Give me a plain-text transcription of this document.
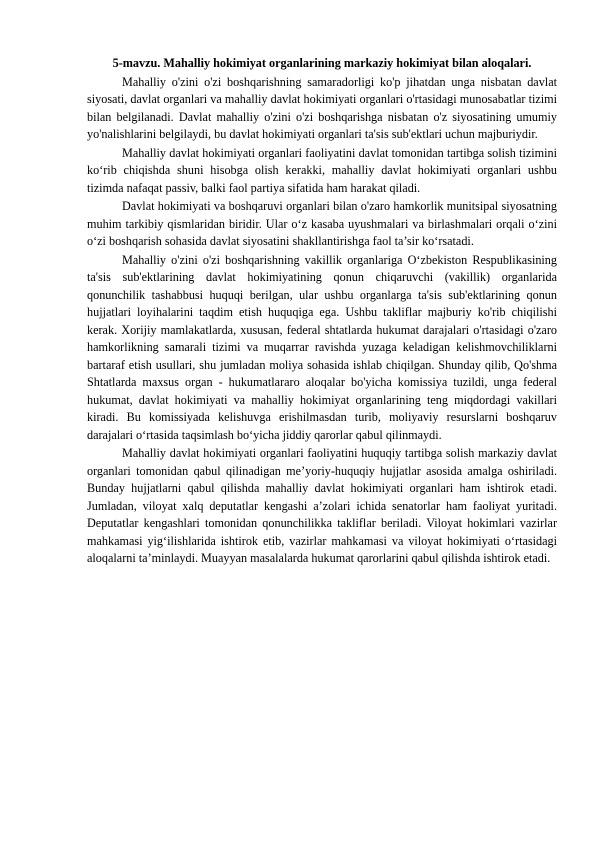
5-mavzu. Mahalliy hokimiyat organlarining markaziy hokimiyat bilan aloqalari.

Mahalliy o'zini o'zi boshqarishning samaradorligi ko'p jihatdan unga nisbatan davlat siyosati, davlat organlari va mahalliy davlat hokimiyati organlari o'rtasidagi munosabatlar tizimi bilan belgilanadi. Davlat mahalliy o'zini o'zi boshqarishga nisbatan o'z siyosatining umumiy yo'nalishlarini belgilaydi, bu davlat hokimiyati organlari ta'sis sub'ektlari uchun majburiydir.

Mahalliy davlat hokimiyati organlari faoliyatini davlat tomonidan tartibga solish tizimini ko‘rib chiqishda shuni hisobga olish kerakki, mahalliy davlat hokimiyati organlari ushbu tizimda nafaqat passiv, balki faol partiya sifatida ham harakat qiladi.

Davlat hokimiyati va boshqaruvi organlari bilan o'zaro hamkorlik munitsipal siyosatning muhim tarkibiy qismlaridan biridir. Ular o‘z kasaba uyushmalari va birlashmalari orqali o‘zini o‘zi boshqarish sohasida davlat siyosatini shakllantirishga faol ta’sir ko‘rsatadi.

Mahalliy o'zini o'zi boshqarishning vakillik organlariga O‘zbekiston Respublikasining ta'sis sub'ektlarining davlat hokimiyatining qonun chiqaruvchi (vakillik) organlarida qonunchilik tashabbusi huquqi berilgan, ular ushbu organlarga ta'sis sub'ektlarining qonun hujjatlari loyihalarini taqdim etish huquqiga ega. Ushbu takliflar majburiy ko'rib chiqilishi kerak. Xorijiy mamlakatlarda, xususan, federal shtatlarda hukumat darajalari o'rtasidagi o'zaro hamkorlikning samarali tizimi va muqarrar ravishda yuzaga keladigan kelishmovchiliklarni bartaraf etish usullari, shu jumladan moliya sohasida ishlab chiqilgan. Shunday qilib, Qo'shma Shtatlarda maxsus organ - hukumatlararo aloqalar bo'yicha komissiya tuzildi, unga federal hukumat, davlat hokimiyati va mahalliy hokimiyat organlarining teng miqdordagi vakillari kiradi. Bu komissiyada kelishuvga erishilmasdan turib, moliyaviy resurslarni boshqaruv darajalari o‘rtasida taqsimlash bo‘yicha jiddiy qarorlar qabul qilinmaydi.

Mahalliy davlat hokimiyati organlari faoliyatini huquqiy tartibga solish markaziy davlat organlari tomonidan qabul qilinadigan me’yoriy-huquqiy hujjatlar asosida amalga oshiriladi. Bunday hujjatlarni qabul qilishda mahalliy davlat hokimiyati organlari ham ishtirok etadi. Jumladan, viloyat xalq deputatlar kengashi a’zolari ichida senatorlar ham faoliyat yuritadi. Deputatlar kengashlari tomonidan qonunchilikka takliflar beriladi. Viloyat hokimlari vazirlar mahkamasi yig‘ilishlarida ishtirok etib, vazirlar mahkamasi va viloyat hokimiyati o‘rtasidagi aloqalarni ta’minlaydi. Muayyan masalalarda hukumat qarorlarini qabul qilishda ishtirok etadi.
